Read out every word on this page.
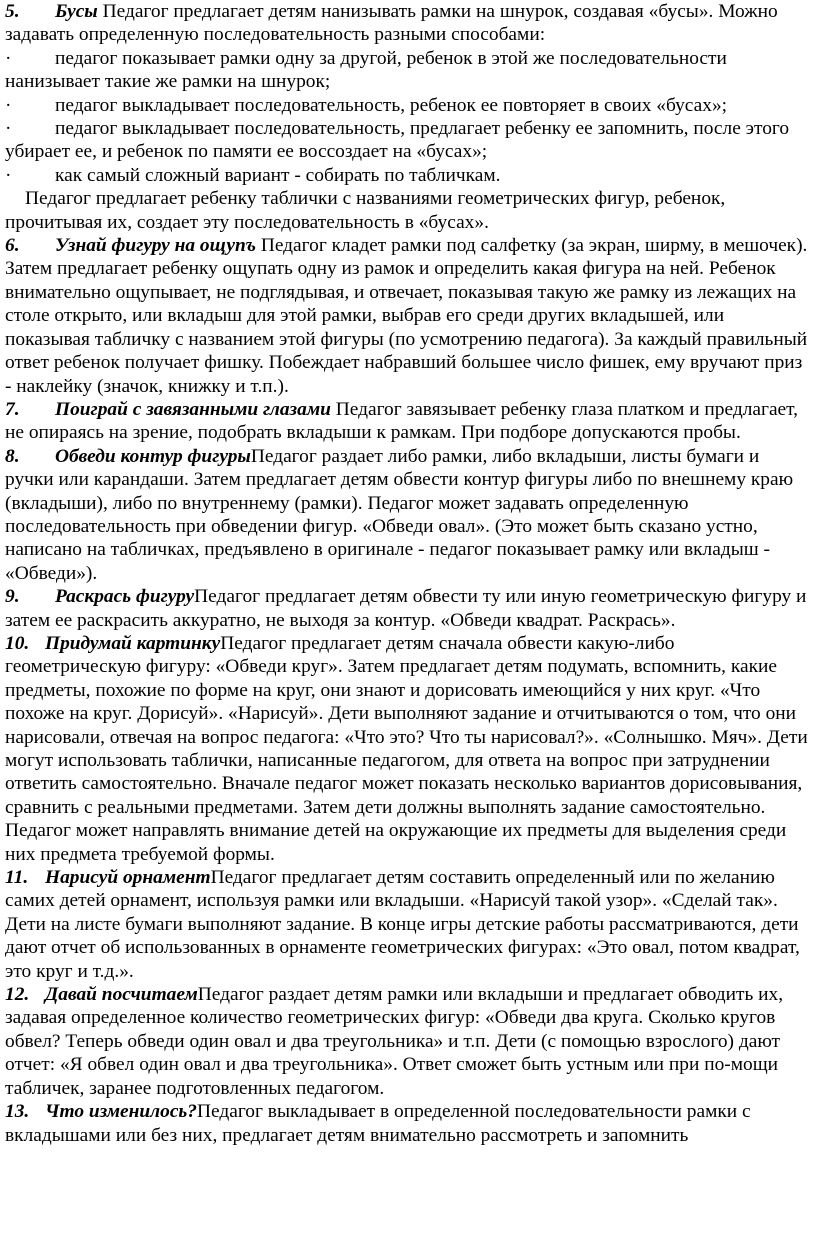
5. Бусы Педагог предлагает детям нанизывать рамки на шнурок, создавая «бусы». Можно задавать определенную последовательность разными способами:

· педагог показывает рамки одну за другой, ребенок в этой же последовательности нанизывает такие же рамки на шнурок;

· педагог выкладывает последовательность, ребенок ее повторяет в своих «бусах»;

· педагог выкладывает последовательность, предлагает ребенку ее запомнить, после этого убирает ее, и ребенок по памяти ее воссоздает на «бусах»;

· как самый сложный вариант - собирать по табличкам.

Педагог предлагает ребенку таблички с названиями геометрических фигур, ребенок, прочитывая их, создает эту последовательность в «бусах».

6. Узнай фигуру на ощупъ Педагог кладет рамки под салфетку (за экран, ширму, в мешочек). Затем предлагает ребенку ощупать одну из рамок и определить какая фигура на ней. Ребенок внимательно ощупывает, не подглядывая, и отвечает, показывая такую же рамку из лежащих на столе открыто, или вкладыш для этой рамки, выбрав его среди других вкладышей, или показывая табличку с названием этой фигуры (по усмотрению педагога). За каждый правильный ответ ребенок получает фишку. Побеждает набравший большее число фишек, ему вручают приз - наклейку (значок, книжку и т.п.).

7. Поиграй с завязанными глазами Педагог завязывает ребенку глаза платком и предлагает, не опираясь на зрение, подобрать вкладыши к рамкам. При подборе допускаются пробы.

8. Обведи контур фигурыПедагог раздает либо рамки, либо вкладыши, листы бумаги и ручки или карандаши. Затем предлагает детям обвести контур фигуры либо по внешнему краю (вкладыши), либо по внутреннему (рамки). Педагог может задавать определенную последовательность при обведении фигур. «Обведи овал». (Это может быть сказано устно, написано на табличках, предъявлено в оригинале - педагог показывает рамку или вкладыш - «Обведи»).

9. Раскрась фигуруПедагог предлагает детям обвести ту или иную геометрическую фигуру и затем ее раскрасить аккуратно, не выходя за контур. «Обведи квадрат. Раскрась».

10. Придумай картинкуПедагог предлагает детям сначала обвести какую-либо геометрическую фигуру: «Обведи круг». Затем предлагает детям подумать, вспомнить, какие предметы, похожие по форме на круг, они знают и дорисовать имеющийся у них круг. «Что похоже на круг. Дорисуй». «Нарисуй». Дети выполняют задание и отчитываются о том, что они нарисовали, отвечая на вопрос педагога: «Что это? Что ты нарисовал?». «Солнышко. Мяч». Дети могут использовать таблички, написанные педагогом, для ответа на вопрос при затруднении ответить самостоятельно. Вначале педагог может показать несколько вариантов дорисовывания, сравнить с реальными предметами. Затем дети должны выполнять задание самостоятельно. Педагог может направлять внимание детей на окружающие их предметы для выделения среди них предмета требуемой формы.

11. Нарисуй орнаментПедагог предлагает детям составить определенный или по желанию самих детей орнамент, используя рамки или вкладыши. «Нарисуй такой узор». «Сделай так». Дети на листе бумаги выполняют задание. В конце игры детские работы рассматриваются, дети дают отчет об использованных в орнаменте геометрических фигурах: «Это овал, потом квадрат, это круг и т.д.».

12. Давай посчитаемПедагог раздает детям рамки или вкладыши и предлагает обводить их, задавая определенное количество геометрических фигур: «Обведи два круга. Сколько кругов обвел? Теперь обведи один овал и два треугольника» и т.п. Дети (с помощью взрослого) дают отчет: «Я обвел один овал и два треугольника». Ответ сможет быть устным или при по-мощи табличек, заранее подготовленных педагогом.

13. Что изменилось?Педагог выкладывает в определенной последовательности рамки с вкладышами или без них, предлагает детям внимательно рассмотреть и запомнить
